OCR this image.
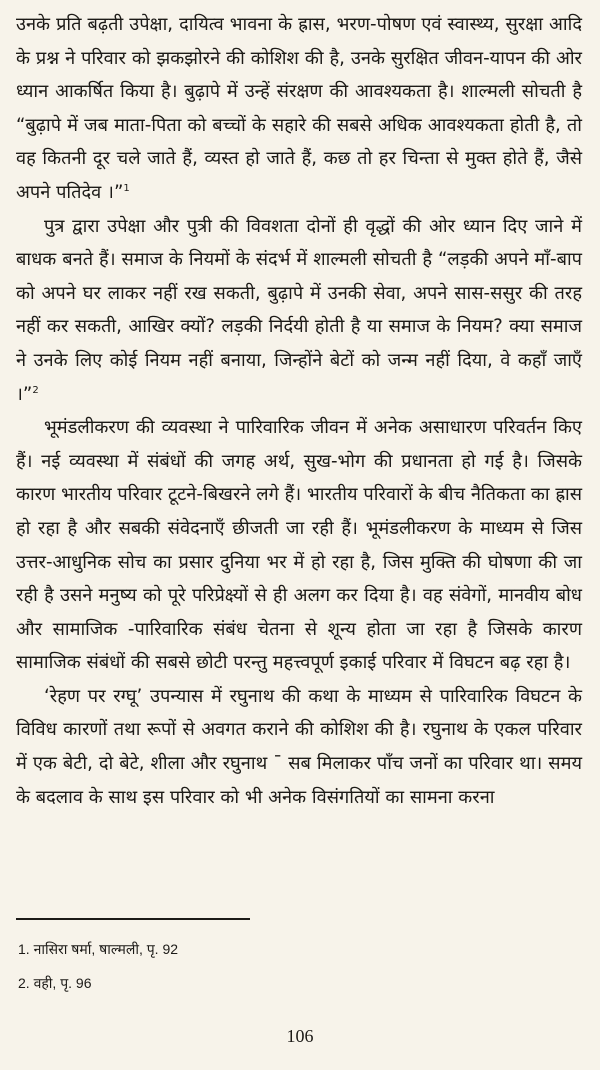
उनके प्रति बढ़ती उपेक्षा, दायित्व भावना के ह्रास, भरण-पोषण एवं स्वास्थ्य, सुरक्षा आदि के प्रश्न ने परिवार को झकझोरने की कोशिश की है, उनके सुरक्षित जीवन-यापन की ओर ध्यान आकर्षित किया है। बुढ़ापे में उन्हें संरक्षण की आवश्यकता है। शाल्मली सोचती है “बुढ़ापे में जब माता-पिता को बच्चों के सहारे की सबसे अधिक आवश्यकता होती है, तो वह कितनी दूर चले जाते हैं, व्यस्त हो जाते हैं, कछ तो हर चिन्ता से मुक्त होते हैं, जैसे अपने पतिदेव ।”$^1$

पुत्र द्वारा उपेक्षा और पुत्री की विवशता दोनों ही वृद्धों की ओर ध्यान दिए जाने में बाधक बनते हैं। समाज के नियमों के संदर्भ में शाल्मली सोचती है “लड़की अपने माँ-बाप को अपने घर लाकर नहीं रख सकती, बुढ़ापे में उनकी सेवा, अपने सास-ससुर की तरह नहीं कर सकती, आखिर क्यों? लड़की निर्दयी होती है या समाज के नियम? क्या समाज ने उनके लिए कोई नियम नहीं बनाया, जिन्होंने बेटों को जन्म नहीं दिया, वे कहाँ जाएँ ।”$^2$

भूमंडलीकरण की व्यवस्था ने पारिवारिक जीवन में अनेक असाधारण परिवर्तन किए हैं। नई व्यवस्था में संबंधों की जगह अर्थ, सुख-भोग की प्रधानता हो गई है। जिसके कारण भारतीय परिवार टूटने-बिखरने लगे हैं। भारतीय परिवारों के बीच नैतिकता का ह्रास हो रहा है और सबकी संवेदनाएँ छीजती जा रही हैं। भूमंडलीकरण के माध्यम से जिस उत्तर-आधुनिक सोच का प्रसार दुनिया भर में हो रहा है, जिस मुक्ति की घोषणा की जा रही है उसने मनुष्य को पूरे परिप्रेक्ष्यों से ही अलग कर दिया है। वह संवेगों, मानवीय बोध और सामाजिक -पारिवारिक संबंध चेतना से शून्य होता जा रहा है जिसके कारण सामाजिक संबंधों की सबसे छोटी परन्तु महत्त्वपूर्ण इकाई परिवार में विघटन बढ़ रहा है।

‘रेहण पर रग्घू’ उपन्यास में रघुनाथ की कथा के माध्यम से पारिवारिक विघटन के विविध कारणों तथा रूपों से अवगत कराने की कोशिश की है। रघुनाथ के एकल परिवार में एक बेटी, दो बेटे, शीला और रघुनाथ ¯ सब मिलाकर पाँच जनों का परिवार था। समय के बदलाव के साथ इस परिवार को भी अनेक विसंगतियों का सामना करना

1. नासिरा षर्मा, षाल्मली, पृ. 92
2. वही, पृ. 96
106
